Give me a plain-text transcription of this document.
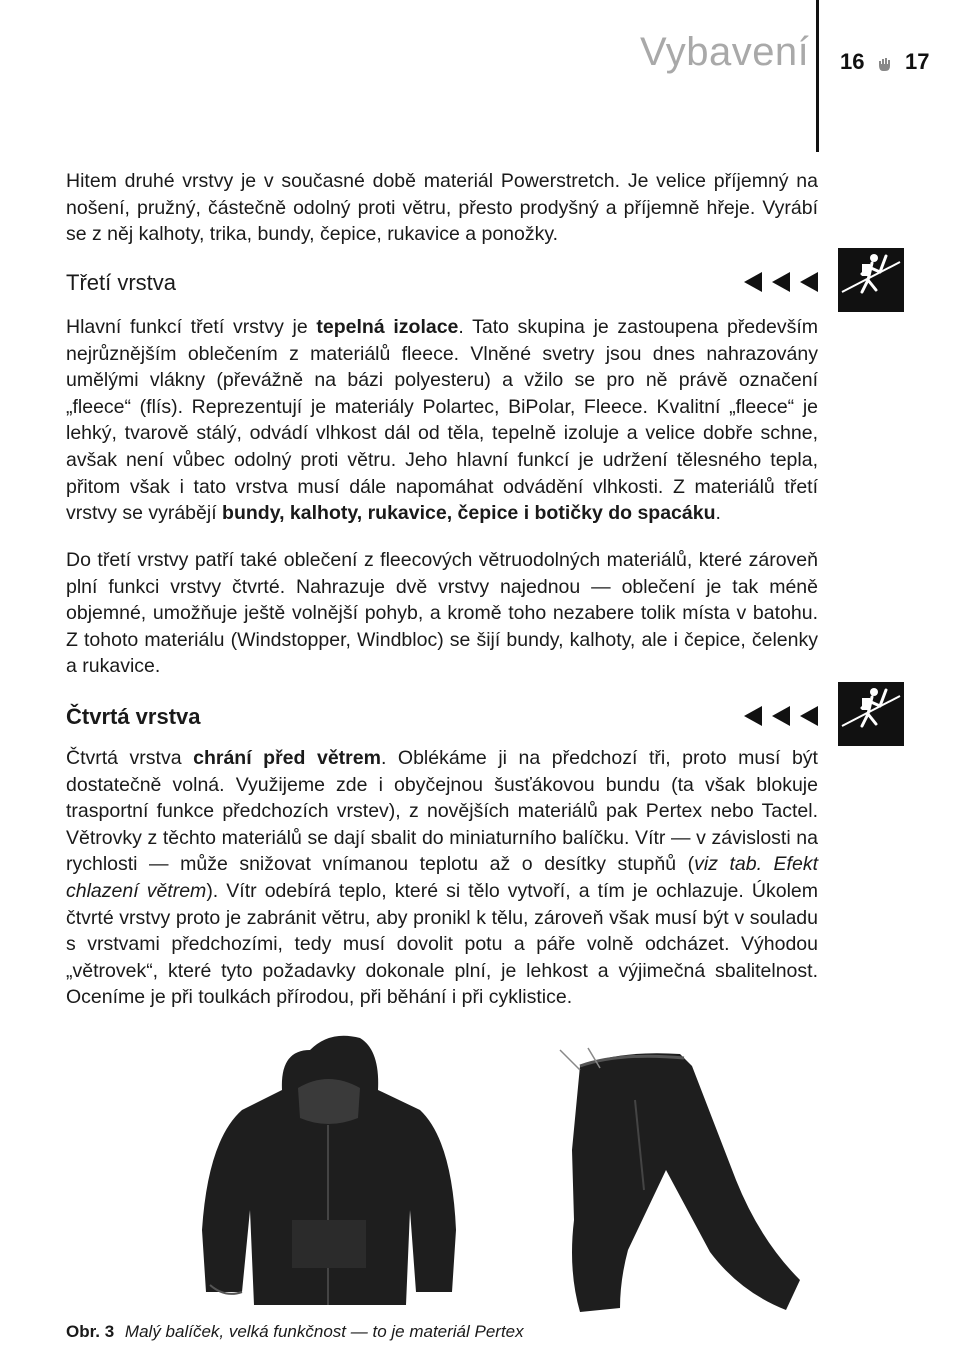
Vybavení 16 17

Hitem druhé vrstvy je v současné době materiál Powerstretch. Je velice příjemný na nošení, pružný, částečně odolný proti větru, přesto prodyšný a příjemně hřeje. Vyrábí se z něj kalhoty, trika, bundy, čepice, rukavice a ponožky.

Třetí vrstva

Hlavní funkcí třetí vrstvy je tepelná izolace. Tato skupina je zastoupena především nejrůznějším oblečením z materiálů fleece. Vlněné svetry jsou dnes nahrazovány umělými vlákny (převážně na bázi polyesteru) a vžilo se pro ně právě označení „fleece“ (flís). Reprezentují je materiály Polartec, BiPolar, Fleece. Kvalitní „fleece“ je lehký, tvarově stálý, odvádí vlhkost dál od těla, tepelně izoluje a velice dobře schne, avšak není vůbec odolný proti větru. Jeho hlavní funkcí je udržení tělesného tepla, přitom však i tato vrstva musí dále napomáhat odvádění vlhkosti. Z materiálů třetí vrstvy se vyrábějí bundy, kalhoty, rukavice, čepice i botičky do spacáku.

Do třetí vrstvy patří také oblečení z fleecových větruodolných materiálů, které zároveň plní funkci vrstvy čtvrté. Nahrazuje dvě vrstvy najednou — oblečení je tak méně objemné, umožňuje ještě volnější pohyb, a kromě toho nezabere tolik místa v batohu. Z tohoto materiálu (Windstopper, Windbloc) se šijí bundy, kalhoty, ale i čepice, čelenky a rukavice.

Čtvrtá vrstva

Čtvrtá vrstva chrání před větrem. Oblékáme ji na předchozí tři, proto musí být dostatečně volná. Využijeme zde i obyčejnou šusťákovou bundu (ta však blokuje trasportní funkce předchozích vrstev), z novějších materiálů pak Pertex nebo Tactel. Větrovky z těchto materiálů se dají sbalit do miniaturního balíčku. Vítr — v závislosti na rychlosti — může snižovat vnímanou teplotu až o desítky stupňů (viz tab. Efekt chlazení větrem). Vítr odebírá teplo, které si tělo vytvoří, a tím je ochlazuje. Úkolem čtvrté vrstvy proto je zabránit větru, aby pronikl k tělu, zároveň však musí být v souladu s vrstvami předchozími, tedy musí dovolit potu a páře volně odcházet. Výhodou „větrovek“, které tyto požadavky dokonale plní, je lehkost a výjimečná sbalitelnost. Oceníme je při toulkách přírodou, při běhání i při cyklistice.

Obr. 3 Malý balíček, velká funkčnost — to je materiál Pertex
